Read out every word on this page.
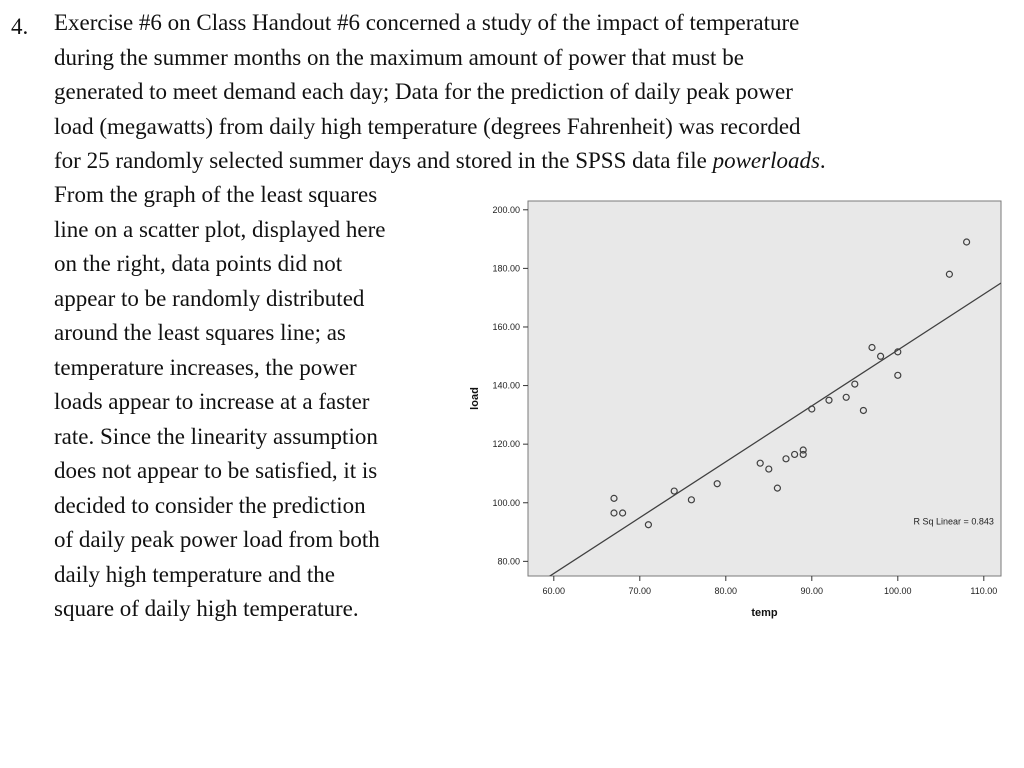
4. Exercise #6 on Class Handout #6 concerned a study of the impact of temperature
during the summer months on the maximum amount of power that must be
generated to meet demand each day; Data for the prediction of daily peak power
load (megawatts) from daily high temperature (degrees Fahrenheit) was recorded
for 25 randomly selected summer days and stored in the SPSS data file powerloads.
From the graph of the least squares
line on a scatter plot, displayed here
on the right, data points did not
appear to be randomly distributed
around the least squares line; as
temperature increases, the power
loads appear to increase at a faster
rate. Since the linearity assumption
does not appear to be satisfied, it is
decided to consider the prediction
of daily peak power load from both
daily high temperature and the
square of daily high temperature.
80.00
100.00
120.00
140.00
160.00
180.00
200.00
60.00	70.00	80.00	90.00	100.00	110.00
temp
load
R Sq Linear = 0.843
